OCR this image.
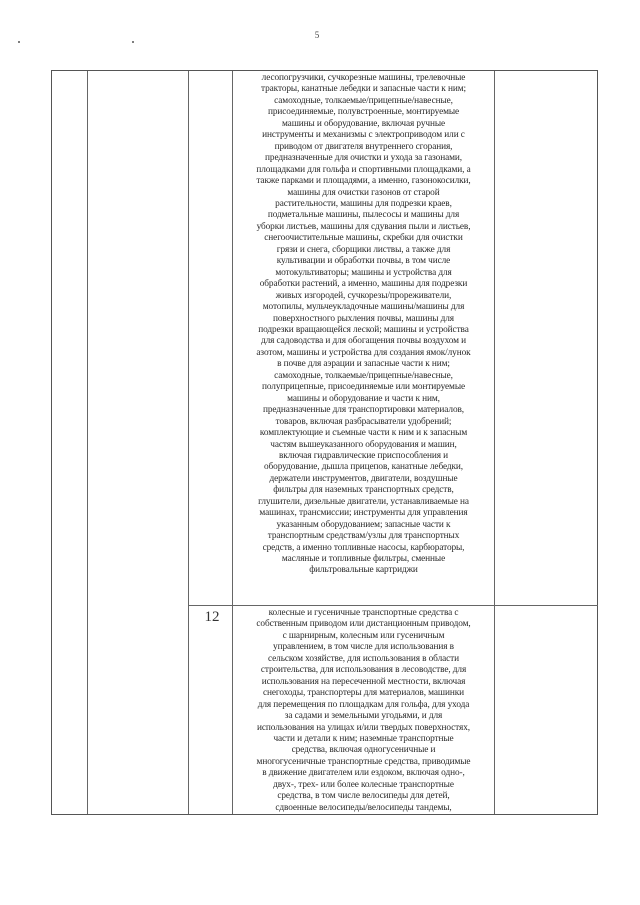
5

лесопогрузчики, сучкорезные машины, трелевочные

тракторы, канатные лебедки и запасные части к ним;

самоходные, толкаемые/прицепные/навесные,

присоединяемые, полувстроенные, монтируемые

машины и оборудование, включая ручные

инструменты и механизмы с электроприводом или с

приводом от двигателя внутреннего сгорания,

предназначенные для очистки и ухода за газонами,

площадками для гольфа и спортивными площадками, а

также парками и площадями, а именно, газонокосилки,

машины для очистки газонов от старой

растительности, машины для подрезки краев,

подметальные машины, пылесосы и машины для

уборки листьев, машины для сдувания пыли и листьев,

снегоочистительные машины, скребки для очистки

грязи и снега, сборщики листвы, а также для

культивации и обработки почвы, в том числе

мотокультиваторы; машины и устройства для

обработки растений, а именно, машины для подрезки

живых изгородей, сучкорезы/прореживатели,

мотопилы, мульчеукладочные машины/машины для

поверхностного рыхления почвы, машины для

подрезки вращающейся леской; машины и устройства

для садоводства и для обогащения почвы воздухом и

азотом, машины и устройства для создания ямок/лунок

в почве для аэрации и запасные части к ним;

самоходные, толкаемые/прицепные/навесные,

полуприцепные, присоединяемые или монтируемые

машины и оборудование и части к ним,

предназначенные для транспортировки материалов,

товаров, включая разбрасыватели удобрений;

комплектующие и съемные части к ним и к запасным

частям вышеуказанного оборудования и машин,

включая гидравлические приспособления и

оборудование, дышла прицепов, канатные лебедки,

держатели инструментов, двигатели, воздушные

фильтры для наземных транспортных средств,

глушители, дизельные двигатели, устанавливаемые на

машинах, трансмиссии; инструменты для управления

указанным оборудованием; запасные части к

транспортным средствам/узлы для транспортных

средств, а именно топливные насосы, карбюраторы,

масляные и топливные фильтры, сменные

фильтровальные картриджи

12	колесные и гусеничные транспортные средства с

собственным приводом или дистанционным приводом,

с шарнирным, колесным или гусеничным

управлением, в том числе для использования в

сельском хозяйстве, для использования в области

строительства, для использования в лесоводстве, для

использования на пересеченной местности, включая

снегоходы, транспортеры для материалов, машинки

для перемещения по площадкам для гольфа, для ухода

за садами и земельными угодьями, и для

использования на улицах и/или твердых поверхностях,

части и детали к ним; наземные транспортные

средства, включая одногусеничные и

многогусеничные транспортные средства, приводимые

в движение двигателем или ездоком, включая одно-,

двух-, трех- или более колесные транспортные

средства, в том числе велосипеды для детей,

сдвоенные велосипеды/велосипеды тандемы,
